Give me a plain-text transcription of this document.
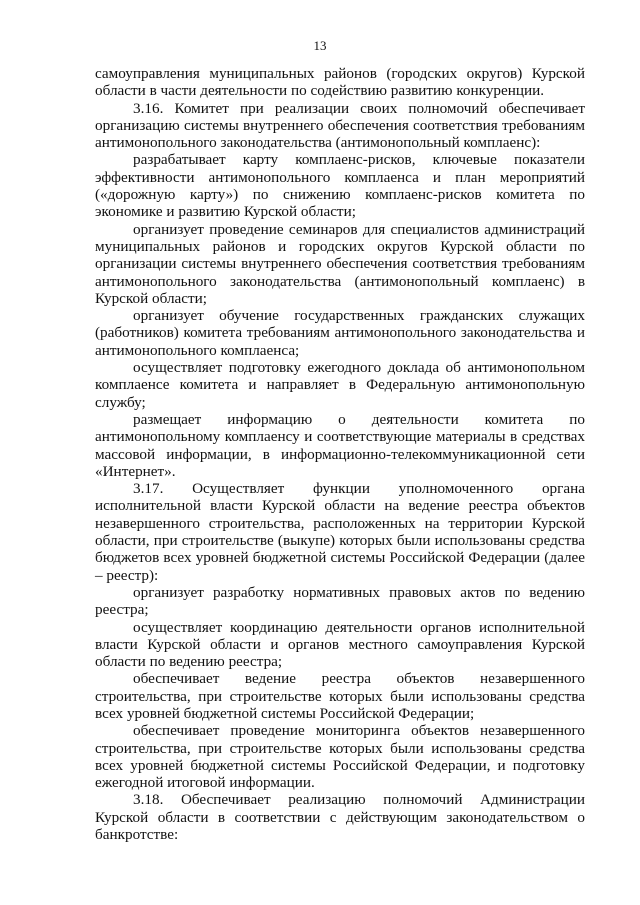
13

самоуправления муниципальных районов (городских округов) Курской области в части деятельности по содействию развитию конкуренции.

3.16. Комитет при реализации своих полномочий обеспечивает организацию системы внутреннего обеспечения соответствия требованиям антимонопольного законодательства (антимонопольный комплаенс):

разрабатывает карту комплаенс-рисков, ключевые показатели эффективности антимонопольного комплаенса и план мероприятий («дорожную карту») по снижению комплаенс-рисков комитета по экономике и развитию Курской области;

организует проведение семинаров для специалистов администраций муниципальных районов и городских округов Курской области по организации системы внутреннего обеспечения соответствия требованиям антимонопольного законодательства (антимонопольный комплаенс) в Курской области;

организует обучение государственных гражданских служащих (работников) комитета требованиям антимонопольного законодательства и антимонопольного комплаенса;

осуществляет подготовку ежегодного доклада об антимонопольном комплаенсе комитета и направляет в Федеральную антимонопольную службу;

размещает информацию о деятельности комитета по антимонопольному комплаенсу и соответствующие материалы в средствах массовой информации, в информационно-телекоммуникационной сети «Интернет».

3.17. Осуществляет функции уполномоченного органа исполнительной власти Курской области на ведение реестра объектов незавершенного строительства, расположенных на территории Курской области, при строительстве (выкупе) которых были использованы средства бюджетов всех уровней бюджетной системы Российской Федерации (далее – реестр):

организует разработку нормативных правовых актов по ведению реестра;

осуществляет координацию деятельности органов исполнительной власти Курской области и органов местного самоуправления Курской области по ведению реестра;

обеспечивает ведение реестра объектов незавершенного строительства, при строительстве которых были использованы средства всех уровней бюджетной системы Российской Федерации;

обеспечивает проведение мониторинга объектов незавершенного строительства, при строительстве которых были использованы средства всех уровней бюджетной системы Российской Федерации, и подготовку ежегодной итоговой информации.

3.18. Обеспечивает реализацию полномочий Администрации Курской области в соответствии с действующим законодательством о банкротстве:
